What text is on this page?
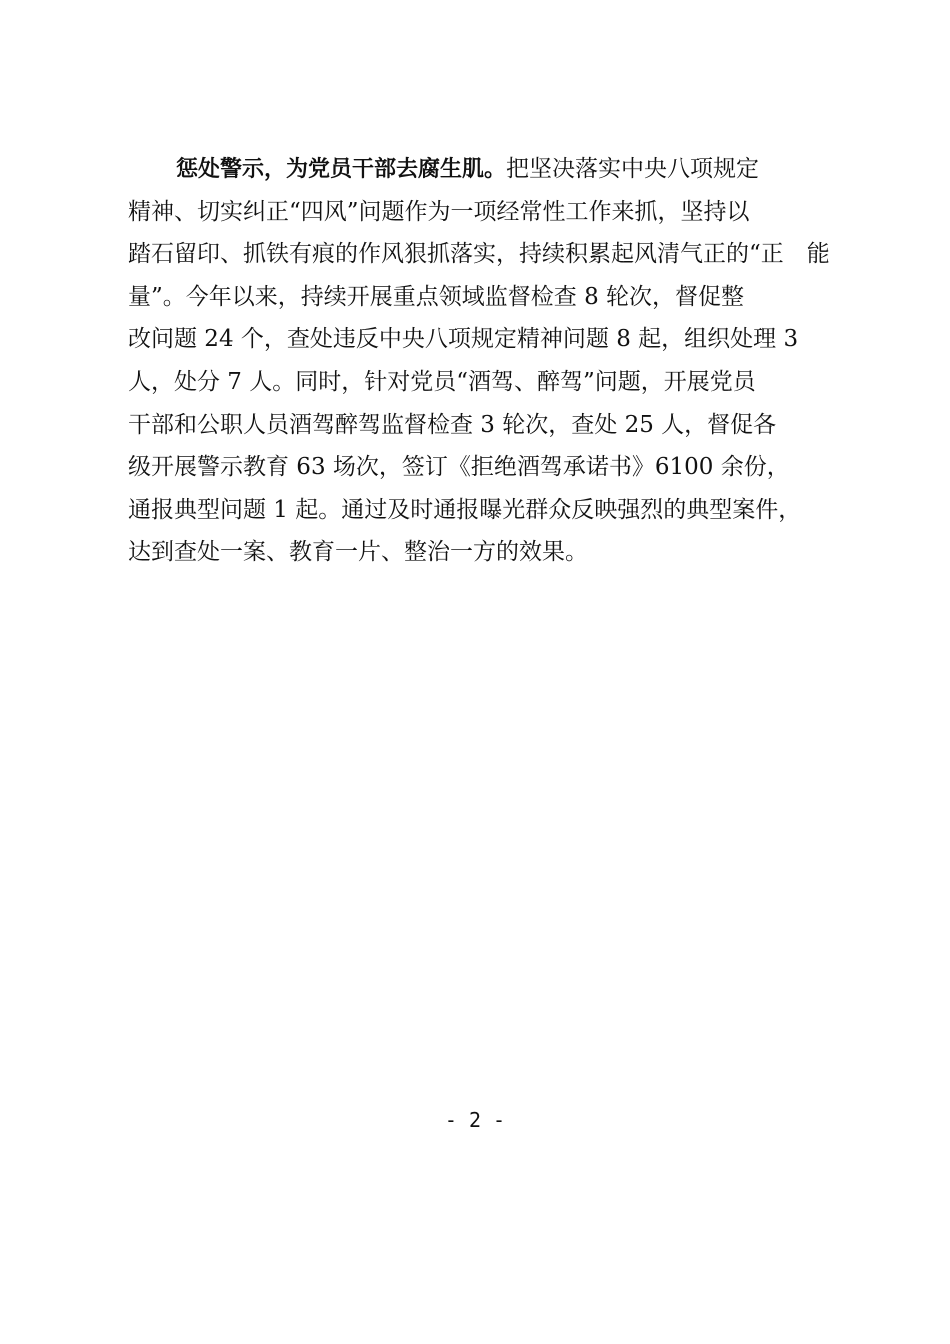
惩处警示，为党员干部去腐生肌。把坚决落实中央八项规定
精神、切实纠正“四风”问题作为一项经常性工作来抓，坚持以
踏石留印、抓铁有痕的作风狠抓落实，持续积累起风清气正的“正　能
量”。今年以来，持续开展重点领域监督检查 8 轮次，督促整
改问题 24 个，查处违反中央八项规定精神问题 8 起，组织处理 3
人，处分 7 人。同时，针对党员“酒驾、醉驾”问题，开展党员
干部和公职人员酒驾醉驾监督检查 3 轮次，查处 25 人，督促各
级开展警示教育 63 场次，签订《拒绝酒驾承诺书》6100 余份，
通报典型问题 1 起。通过及时通报曝光群众反映强烈的典型案件，
达到查处一案、教育一片、整治一方的效果。
- 2 -
